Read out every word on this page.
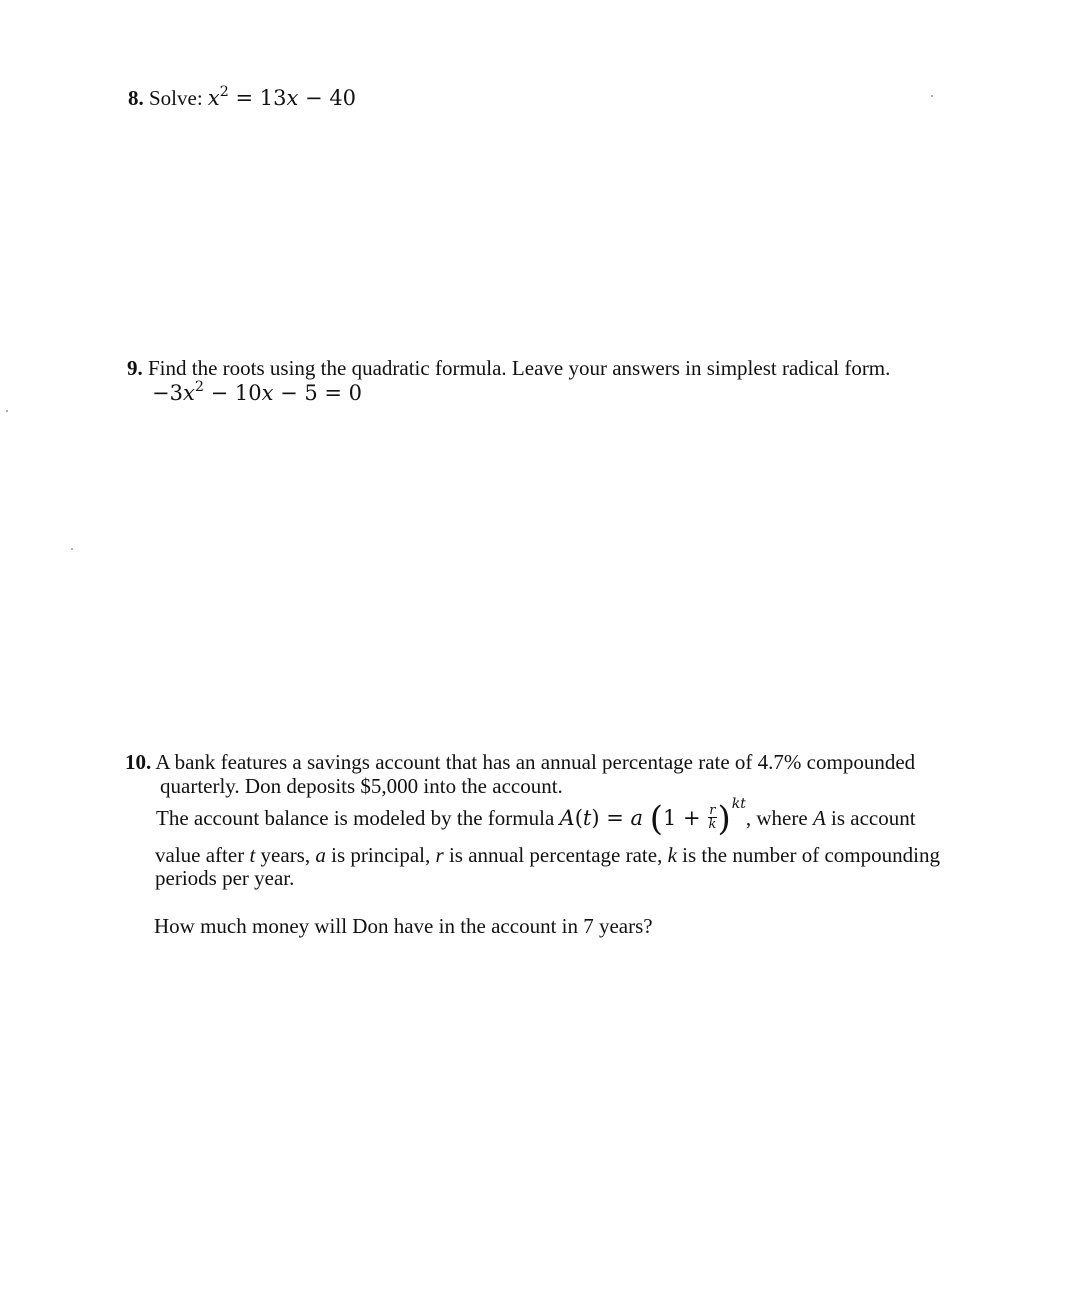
8. Solve: $x^2 = 13x - 40$
9. Find the roots using the quadratic formula. Leave your answers in simplest radical form.
$-3x^2 - 10x - 5 = 0$
10. A bank features a savings account that has an annual percentage rate of 4.7% compounded
quarterly. Don deposits $5,000 into the account.
The account balance is modeled by the formula A(t) = a $(1 + \frac{r}{k} )^{kt}$, where A is account
value after t years, a is principal, r is annual percentage rate, k is the number of compounding
periods per year.
How much money will Don have in the account in 7 years?
